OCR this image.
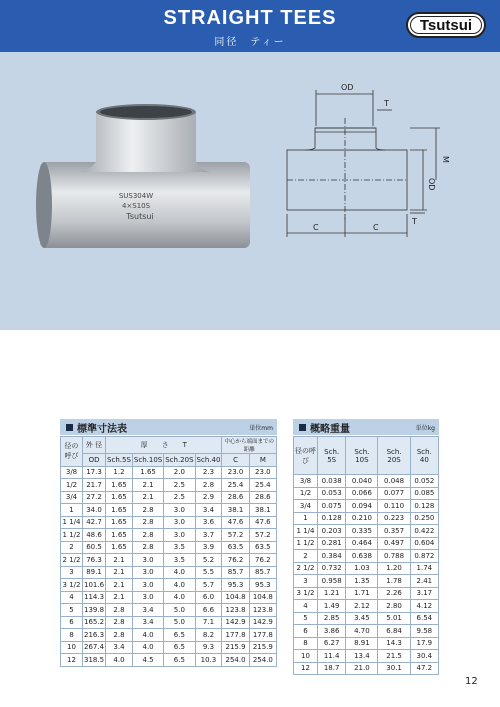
STRAIGHT TEES
同径　ティー
Tsutsui
SUS304W
4×S10S
Tsutsui
OD
T
M
OD
T
C	C
標準寸法表	単位mm
径の呼び	外 径	厚　　さ　　T				中心から端面までの距離	
	OD	Sch.5S	Sch.10S	Sch.20S	Sch.40	C	M
3/8	17.3	1.2	1.65	2.0	2.3	23.0	23.0
1/2	21.7	1.65	2.1	2.5	2.8	25.4	25.4
3/4	27.2	1.65	2.1	2.5	2.9	28.6	28.6
1	34.0	1.65	2.8	3.0	3.4	38.1	38.1
1 1/4	42.7	1.65	2.8	3.0	3.6	47.6	47.6
1 1/2	48.6	1.65	2.8	3.0	3.7	57.2	57.2
2	60.5	1.65	2.8	3.5	3.9	63.5	63.5
2 1/2	76.3	2.1	3.0	3.5	5.2	76.2	76.2
3	89.1	2.1	3.0	4.0	5.5	85.7	85.7
3 1/2	101.6	2.1	3.0	4.0	5.7	95.3	95.3
4	114.3	2.1	3.0	4.0	6.0	104.8	104.8
5	139.8	2.8	3.4	5.0	6.6	123.8	123.8
6	165.2	2.8	3.4	5.0	7.1	142.9	142.9
8	216.3	2.8	4.0	6.5	8.2	177.8	177.8
10	267.4	3.4	4.0	6.5	9.3	215.9	215.9
12	318.5	4.0	4.5	6.5	10.3	254.0	254.0
概略重量	単位kg
径の呼び	Sch. 5S	Sch. 10S	Sch. 20S	Sch. 40
3/8	0.038	0.040	0.048	0.052
1/2	0.053	0.066	0.077	0.085
3/4	0.075	0.094	0.110	0.128
1	0.128	0.210	0.223	0.250
1 1/4	0.203	0.335	0.357	0.422
1 1/2	0.281	0.464	0.497	0.604
2	0.384	0.638	0.788	0.872
2 1/2	0.732	1.03	1.20	1.74
3	0.958	1.35	1.78	2.41
3 1/2	1.21	1.71	2.26	3.17
4	1.49	2.12	2.80	4.12
5	2.85	3.45	5.01	6.54
6	3.86	4.70	6.84	9.58
8	6.27	8.91	14.3	17.9
10	11.4	13.4	21.5	30.4
12	18.7	21.0	30.1	47.2
12
